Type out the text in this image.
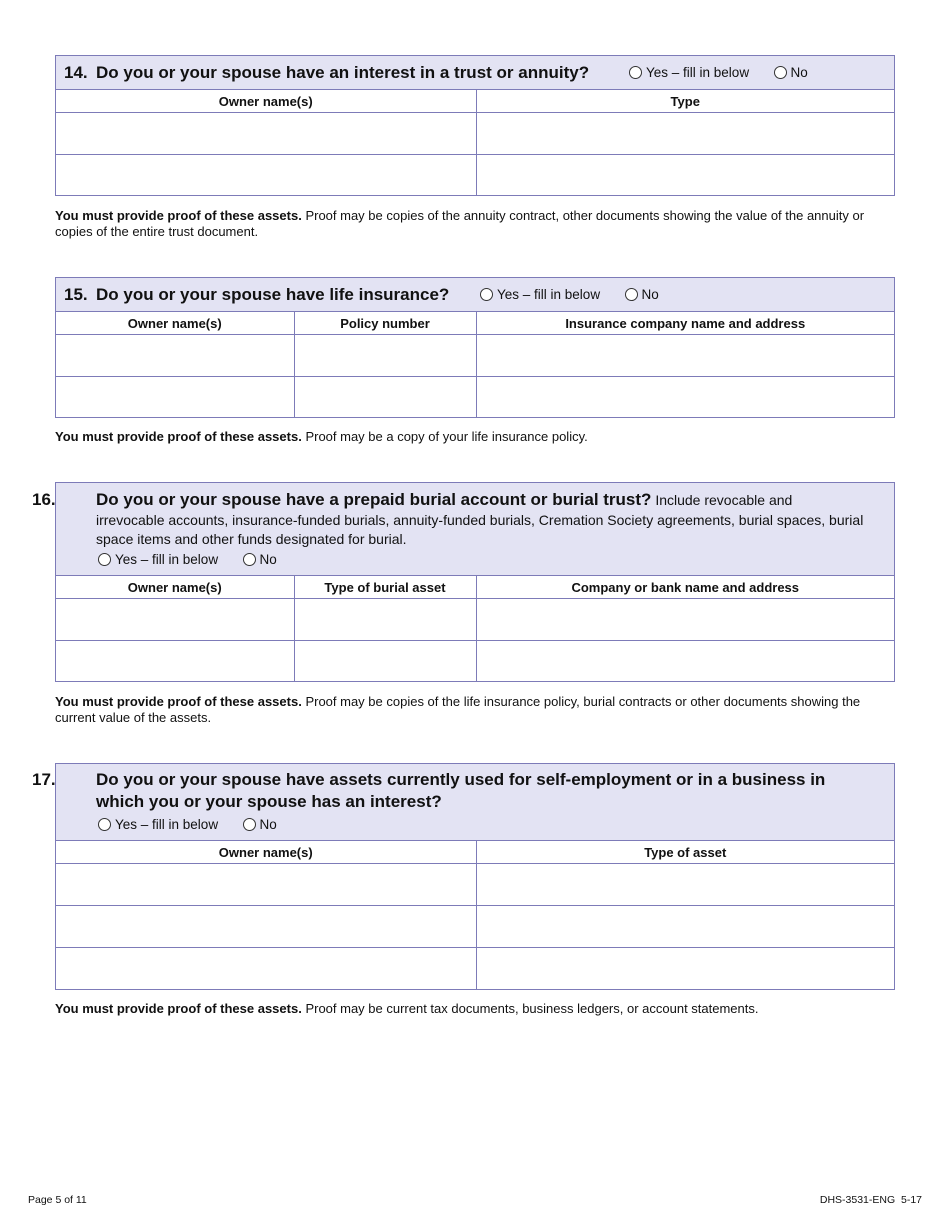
14. Do you or your spouse have an interest in a trust or annuity?	Yes – fill in below
	No
Owner name(s)	Type

You must provide proof of these assets. Proof may be copies of the annuity contract, other documents showing the value of the annuity or copies of the entire trust document.
15. Do you or your spouse have life insurance?	Yes – fill in below
	No
Owner name(s)	Policy number	Insurance company name and address

You must provide proof of these assets. Proof may be a copy of your life insurance policy.
16. Do you or your spouse have a prepaid burial account or burial trust? Include revocable and irrevocable accounts, insurance-funded burials, annuity-funded burials, Cremation Society agreements, burial spaces, burial space items and other funds designated for burial.
Yes – fill in below
	No
Owner name(s)	Type of burial asset	Company or bank name and address

You must provide proof of these assets. Proof may be copies of the life insurance policy, burial contracts or other documents showing the current value of the assets.
17. Do you or your spouse have assets currently used for self-employment or in a business in which you or your spouse has an interest?
Yes – fill in below
	No
Owner name(s)	Type of asset

You must provide proof of these assets. Proof may be current tax documents, business ledgers, or account statements.
Page 5 of 11	DHS-3531-ENG  5-17
